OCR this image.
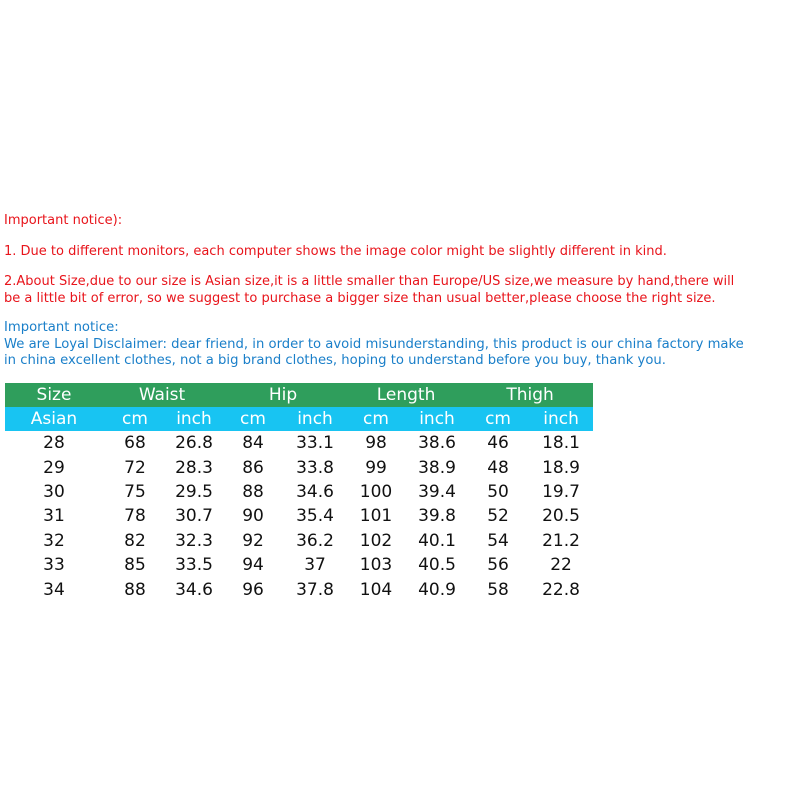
Important notice):
1. Due to different monitors, each computer shows the image color might be slightly different in kind.
2.About Size,due to our size is Asian size,it is a little smaller than Europe/US size,we measure by hand,there will
be a little bit of error, so we suggest to purchase a bigger size than usual better,please choose the right size.
Important notice:
We are Loyal Disclaimer: dear friend, in order to avoid misunderstanding, this product is our china factory make
in china excellent clothes, not a big brand clothes, hoping to understand before you buy, thank you.
Size	Waist		Hip		Length		Thigh	
Asian	cm	inch	cm	inch	cm	inch	cm	inch
28	68	26.8	84	33.1	98	38.6	46	18.1
29	72	28.3	86	33.8	99	38.9	48	18.9
30	75	29.5	88	34.6	100	39.4	50	19.7
31	78	30.7	90	35.4	101	39.8	52	20.5
32	82	32.3	92	36.2	102	40.1	54	21.2
33	85	33.5	94	37	103	40.5	56	22
34	88	34.6	96	37.8	104	40.9	58	22.8
